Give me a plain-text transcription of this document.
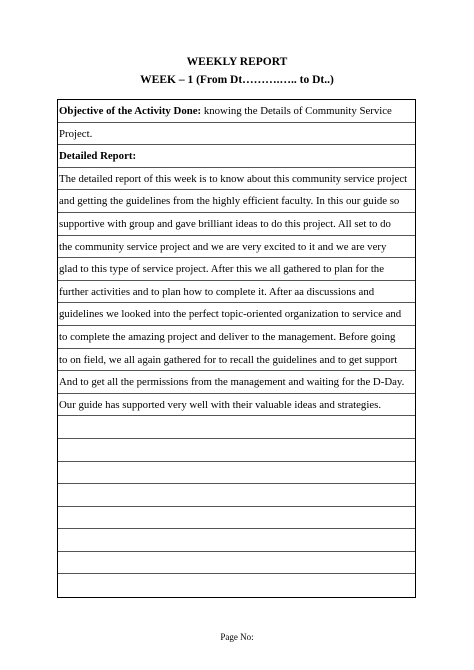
WEEKLY REPORT
WEEK – 1 (From Dt……….….. to Dt..)
Objective of the Activity Done: knowing the Details of Community Service
Project.
Detailed Report:
The detailed report of this week is to know about this community service project
and getting the guidelines from the highly efficient faculty. In this our guide so
supportive with group and gave brilliant ideas to do this project. All set to do
the community service project and we are very excited to it and we are very
glad to this type of service project. After this we all gathered to plan for the
further activities and to plan how to complete it. After aa discussions and
guidelines we looked into the perfect topic-oriented organization to service and
to complete the amazing project and deliver to the management. Before going
to on field, we all again gathered for to recall the guidelines and to get support
And to get all the permissions from the management and waiting for the D-Day.
Our guide has supported very well with their valuable ideas and strategies.
Page No:
